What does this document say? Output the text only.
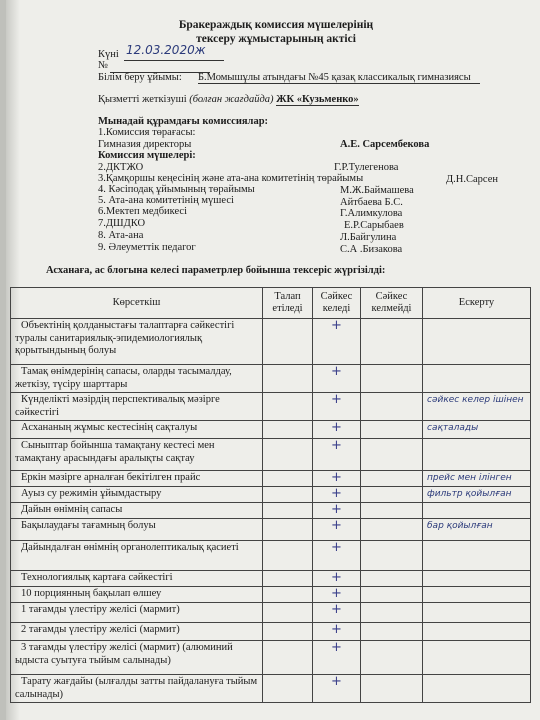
Бракераждық комиссия мүшелерінің
тексеру жұмыстарының актісі
Күні 12.03.2020ж
№
Білім беру ұйымы: Б.Момышұлы атындағы №45 қазақ классикалық гимназиясы
Қызметті жеткізуші (болған жағдайда) ЖК «Кузьменко»
Мынадай құрамдағы комиссиялар:
1.Комиссия төрағасы:
Гимназия директоры	А.Е. Сарсембекова
Комиссия мүшелері:
2.ДКТЖО	Г.Р.Тулегенова
3.Қамқоршы кеңесінің және ата-ана комитетінің төрайымы	Д.Н.Сарсен
4. Кәсіподақ ұйымының төрайымы	М.Ж.Баймашева
5. Ата-ана комитетінің мүшесі	Айтбаева Б.С.
6.Мектеп медбикесі	Г.Алимкулова
7.ДШДКО	Е.Р.Сарыбаев
8. Ата-ана	Л.Байгулина
9. Әлеуметтік педагог	С.А .Бизакова
Асханаға, ас блогына келесі параметрлер бойынша тексеріс жүргізілді:
Көрсеткіш	Талап етіледі	Сәйкес келеді	Сәйкес келмейді	Ескерту
Объектінің қолданыстағы талаптарға сәйкестігі туралы санитариялық-эпидемиологиялық қорытындының болуы		+		

Тамақ өнімдерінің сапасы, оларды тасымалдау, жеткізу, түсіру шарттары		+		

Күнделікті мәзірдің перспективалық мәзірге сәйкестігі		+		сәйкес келер ішінен
Асхананың жұмыс кестесінің сақталуы		+		сақталады
Сыныптар бойынша тамақтану кестесі мен тамақтану арасындағы аралықты сақтау		+		

Еркін мәзірге арналған бекітілген прайс		+		прейс мен ілінген
Ауыз су режимін ұйымдастыру		+		фильтр қойылған
Дайын өнімнің сапасы		+		

Бақылаудағы тағамның болуы		+		бар қойылған
Дайындалған өнімнің органолептикалық қасиеті		+		

Технологиялық картаға сәйкестігі		+		

10 порциянның бақылап өлшеу		+		

1 тағамды үлестіру желісі (мармит)		+		

2 тағамды үлестіру желісі (мармит)		+		

3 тағамды үлестіру желісі (мармит) (алюминий ыдыста суытуға тыйым салынады)		+		

Тарату жағдайы (ылғалды затты пайдалануға тыйым салынады)		+		
